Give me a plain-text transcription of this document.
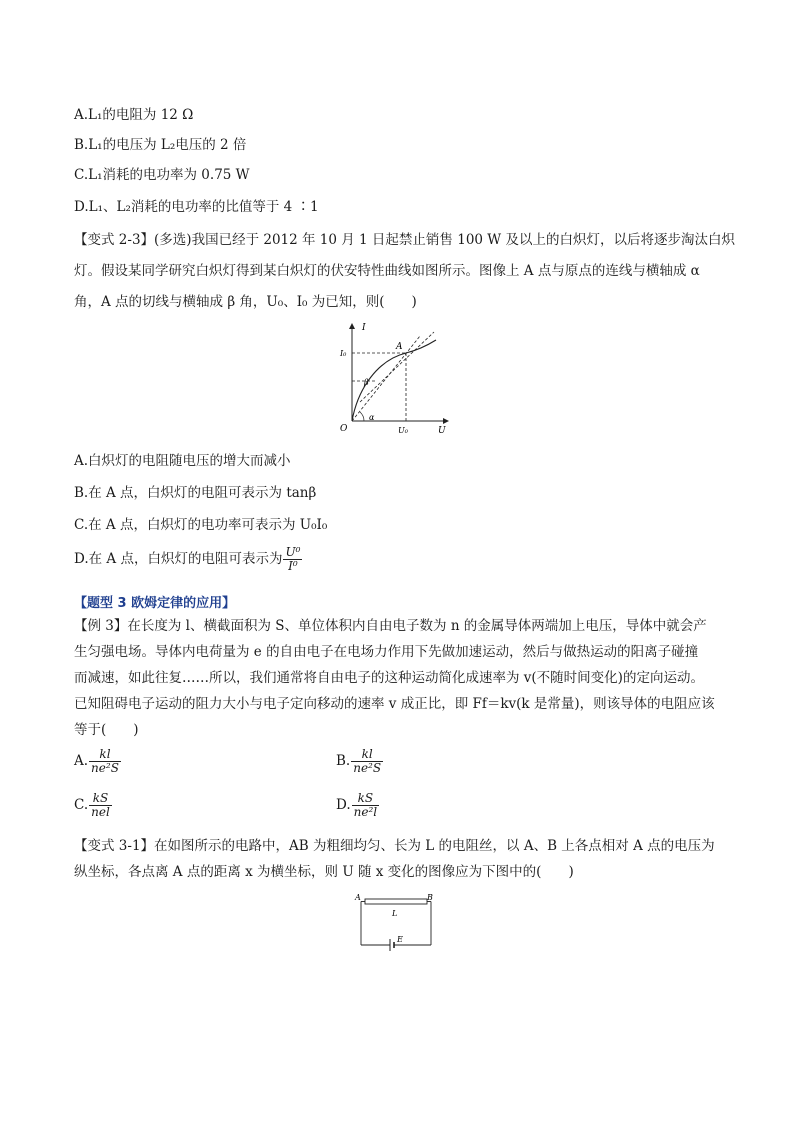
A.L₁的电阻为 12 Ω
B.L₁的电压为 L₂电压的 2 倍
C.L₁消耗的电功率为 0.75 W
D.L₁、L₂消耗的电功率的比值等于 4 ∶1
【变式 2-3】(多选)我国已经于 2012 年 10 月 1 日起禁止销售 100 W 及以上的白炽灯，以后将逐步淘汰白炽
灯。假设某同学研究白炽灯得到某白炽灯的伏安特性曲线如图所示。图像上 A 点与原点的连线与横轴成 α
角，A 点的切线与横轴成 β 角，U₀、I₀ 为已知，则(　　)
I
U
O
I₀
U₀
A
α
β
A.白炽灯的电阻随电压的增大而减小
B.在 A 点，白炽灯的电阻可表示为 tanβ
C.在 A 点，白炽灯的电功率可表示为 U₀I₀
D.在 A 点，白炽灯的电阻可表示为 $\frac{\text{U⁰}}{\text{I⁰}}$
【题型 3 欧姆定律的应用】
【例 3】在长度为 l、横截面积为 S、单位体积内自由电子数为 n 的金属导体两端加上电压，导体中就会产
生匀强电场。导体内电荷量为 e 的自由电子在电场力作用下先做加速运动，然后与做热运动的阳离子碰撞
而减速，如此往复……所以，我们通常将自由电子的这种运动简化成速率为 v(不随时间变化)的定向运动。
已知阻碍电子运动的阻力大小与电子定向移动的速率 v 成正比，即 Ff＝kv(k 是常量)，则该导体的电阻应该
等于(　　)
A. $\frac{kl}{\text{ne²S}}$	B. $\frac{kl}{\text{ne²S}}$
C. $\frac{kS}{\text{nel}}$	D. $\frac{kS}{\text{ne²l}}$
【变式 3-1】在如图所示的电路中，AB 为粗细均匀、长为 L 的电阻丝，以 A、B 上各点相对 A 点的电压为
纵坐标，各点离 A 点的距离 x 为横坐标，则 U 随 x 变化的图像应为下图中的(　　)
A	B
L
E
